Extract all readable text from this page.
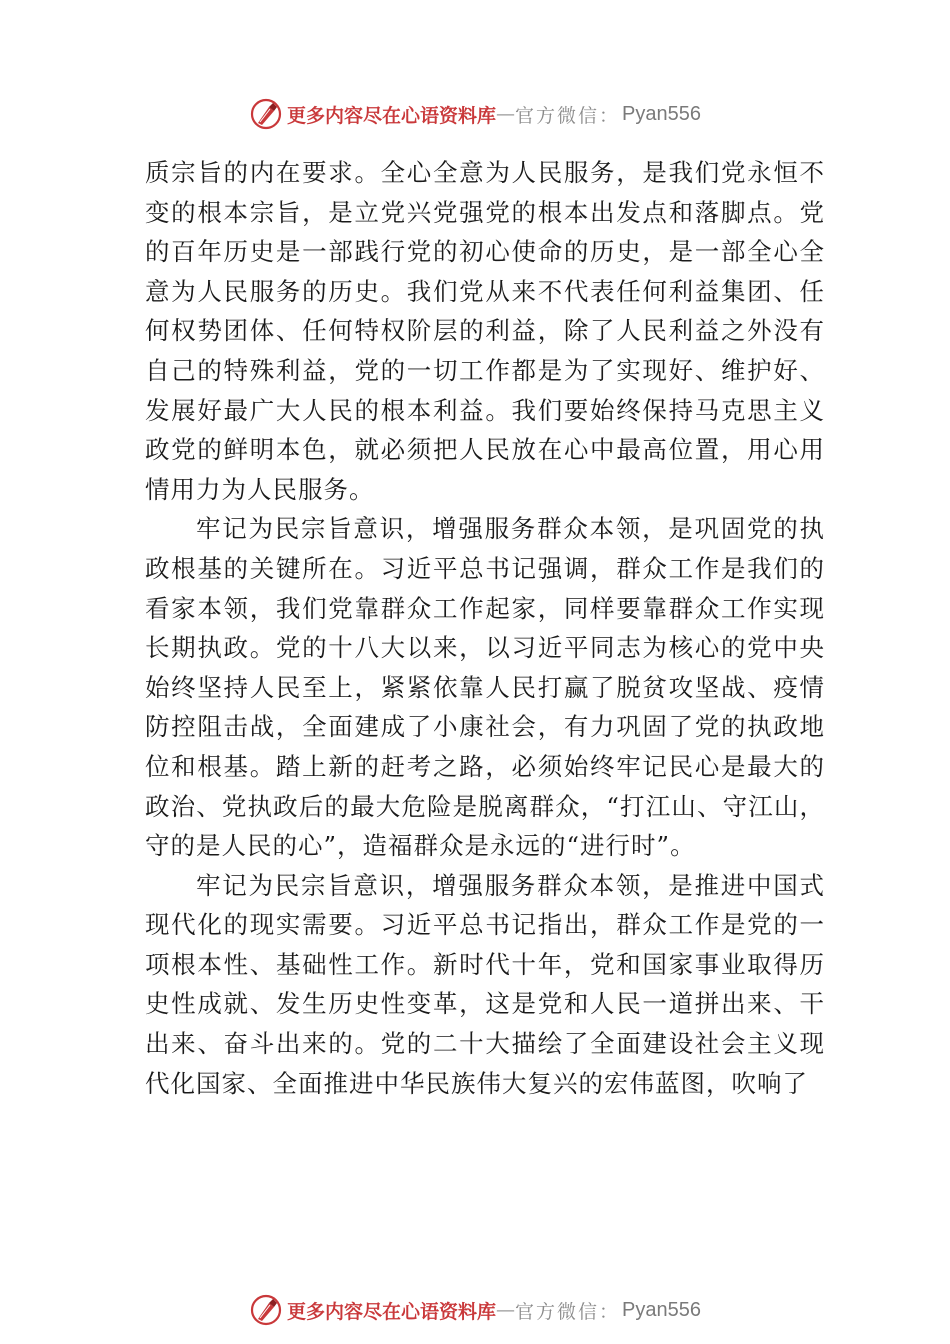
更多内容尽在心语资料库 — 官方微信： Pyan556

质宗旨的内在要求。全心全意为人民服务，是我们党永恒不变的根本宗旨，是立党兴党强党的根本出发点和落脚点。党的百年历史是一部践行党的初心使命的历史，是一部全心全意为人民服务的历史。我们党从来不代表任何利益集团、任何权势团体、任何特权阶层的利益，除了人民利益之外没有自己的特殊利益，党的一切工作都是为了实现好、维护好、 发展好最广大人民的根本利益。我们要始终保持马克思主义政党的鲜明本色，就必须把人民放在心中最高位置，用心用情用力为人民服务。

牢记为民宗旨意识，增强服务群众本领，是巩固党的执政根基的关键所在。习近平总书记强调，群众工作是我们的看家本领，我们党靠群众工作起家，同样要靠群众工作实现长期执政。党的十八大以来，以习近平同志为核心的党中央始终坚持人民至上，紧紧依靠人民打赢了脱贫攻坚战、疫情防控阻击战，全面建成了小康社会，有力巩固了党的执政地位和根基。踏上新的赶考之路，必须始终牢记民心是最大的政治、党执政后的最大危险是脱离群众，“打江山、守江山，守的是人民的心”，造福群众是永远的“进行时”。

牢记为民宗旨意识，增强服务群众本领，是推进中国式现代化的现实需要。习近平总书记指出，群众工作是党的一项根本性、基础性工作。新时代十年，党和国家事业取得历史性成就、发生历史性变革，这是党和人民一道拼出来、干出来、奋斗出来的。党的二十大描绘了全面建设社会主义现代化国家、全面推进中华民族伟大复兴的宏伟蓝图，吹响了

更多内容尽在心语资料库 — 官方微信： Pyan556
